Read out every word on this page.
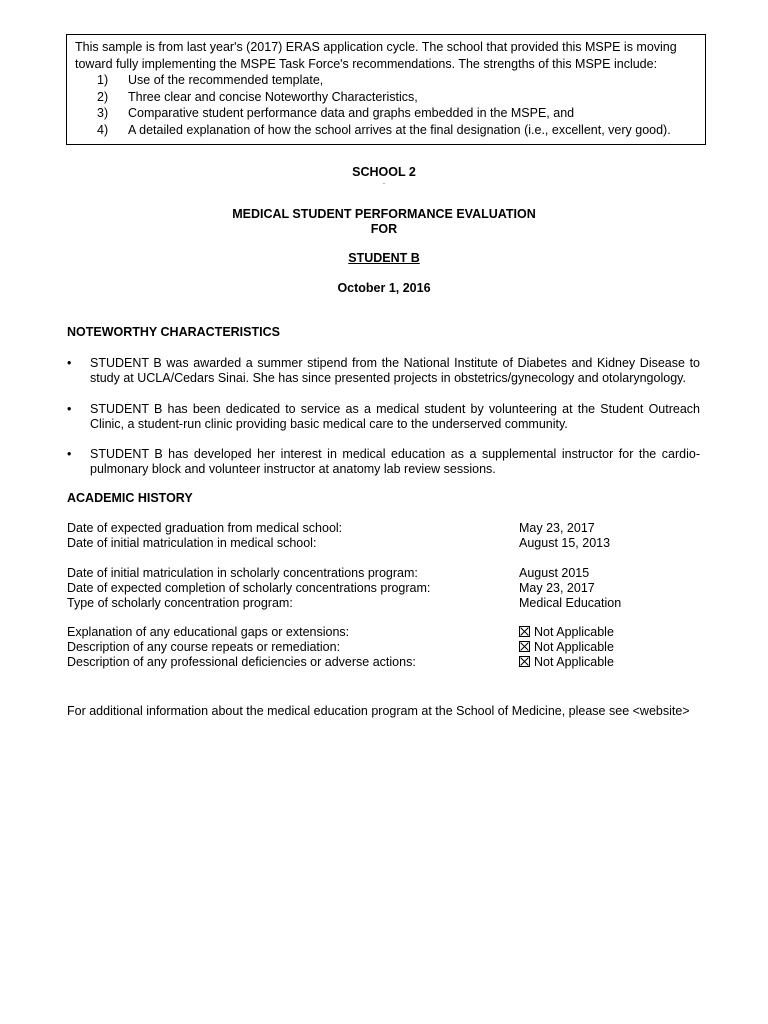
This sample is from last year's (2017) ERAS application cycle. The school that provided this MSPE is moving toward fully implementing the MSPE Task Force's recommendations. The strengths of this MSPE include:
1)	Use of the recommended template,
2)	Three clear and concise Noteworthy Characteristics,
3)	Comparative student performance data and graphs embedded in the MSPE, and
4)	A detailed explanation of how the school arrives at the final designation (i.e., excellent, very good).
SCHOOL 2
.
MEDICAL STUDENT PERFORMANCE EVALUATION
FOR
STUDENT B
October 1, 2016
NOTEWORTHY CHARACTERISTICS
•	STUDENT B was awarded a summer stipend from the National Institute of Diabetes and Kidney Disease to study at UCLA/Cedars Sinai. She has since presented projects in obstetrics/gynecology and otolaryngology.
•	STUDENT B has been dedicated to service as a medical student by volunteering at the Student Outreach Clinic, a student-run clinic providing basic medical care to the underserved community.
•	STUDENT B has developed her interest in medical education as a supplemental instructor for the cardio-pulmonary block and volunteer instructor at anatomy lab review sessions.
ACADEMIC HISTORY
Date of expected graduation from medical school:	May 23, 2017
Date of initial matriculation in medical school:	August 15, 2013
Date of initial matriculation in scholarly concentrations program:	August 2015
Date of expected completion of scholarly concentrations program:	May 23, 2017
Type of scholarly concentration program:	Medical Education
Explanation of any educational gaps or extensions:	Not Applicable
Description of any course repeats or remediation:	Not Applicable
Description of any professional deficiencies or adverse actions:	Not Applicable
For additional information about the medical education program at the School of Medicine, please see <website>
